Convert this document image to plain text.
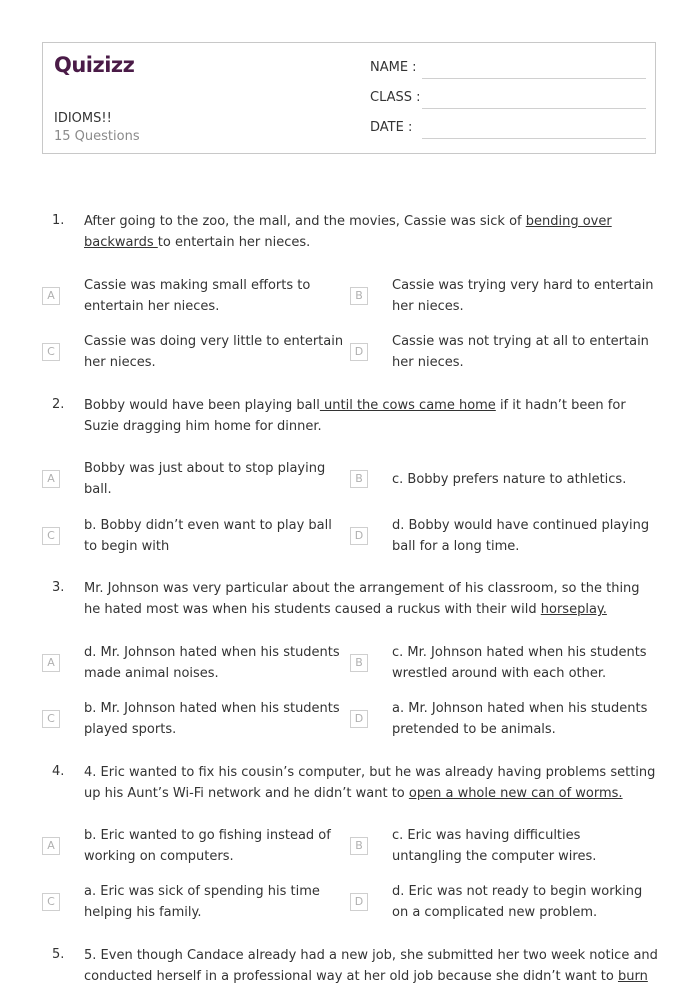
Quizizz
IDIOMS!!
15 Questions
NAME :
CLASS :
DATE :
1. After going to the zoo, the mall, and the movies, Cassie was sick of bending over backwards to entertain her nieces.
A
Cassie was making small efforts to entertain her nieces.
B
Cassie was trying very hard to entertain her nieces.
C
Cassie was doing very little to entertain her nieces.
D
Cassie was not trying at all to entertain her nieces.
2. Bobby would have been playing ball until the cows came home if it hadn’t been for Suzie dragging him home for dinner.
A
Bobby was just about to stop playing ball.
B	c. Bobby prefers nature to athletics.
C
b. Bobby didn’t even want to play ball to begin with
D
d. Bobby would have continued playing ball for a long time.
3. Mr. Johnson was very particular about the arrangement of his classroom, so the thing he hated most was when his students caused a ruckus with their wild horseplay.
A
d. Mr. Johnson hated when his students made animal noises.
B
c. Mr. Johnson hated when his students wrestled around with each other.
C
b. Mr. Johnson hated when his students played sports.
D
a. Mr. Johnson hated when his students pretended to be animals.
4. 4. Eric wanted to fix his cousin’s computer, but he was already having problems setting up his Aunt’s Wi-Fi network and he didn’t want to open a whole new can of worms.
A
b. Eric wanted to go fishing instead of working on computers.
B
c. Eric was having difficulties untangling the computer wires.
C
a. Eric was sick of spending his time helping his family.
D
d. Eric was not ready to begin working on a complicated new problem.
5. 5. Even though Candace already had a new job, she submitted her two week notice and conducted herself in a professional way at her old job because she didn’t want to burn
